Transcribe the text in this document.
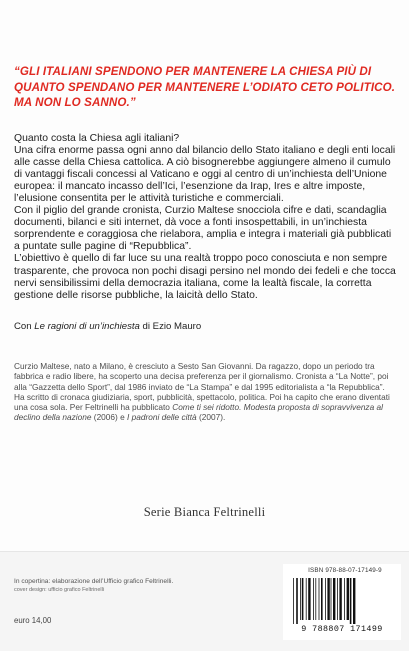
“GLI ITALIANI SPENDONO PER MANTENERE LA CHIESA PIÙ DI QUANTO SPENDANO PER MANTENERE L’ODIATO CETO POLITICO. MA NON LO SANNO.”

Quanto costa la Chiesa agli italiani?

Una cifra enorme passa ogni anno dal bilancio dello Stato italiano e degli enti locali alle casse della Chiesa cattolica. A ciò bisognerebbe aggiungere almeno il cumulo di vantaggi fiscali concessi al Vaticano e oggi al centro di un’inchiesta dell’Unione europea: il mancato incasso dell’Ici, l’esenzione da Irap, Ires e altre imposte, l’elusione consentita per le attività turistiche e commerciali.

Con il piglio del grande cronista, Curzio Maltese snocciola cifre e dati, scandaglia documenti, bilanci e siti internet, dà voce a fonti insospettabili, in un’inchiesta sorprendente e coraggiosa che rielabora, amplia e integra i materiali già pubblicati a puntate sulle pagine di “Repubblica”.

L’obiettivo è quello di far luce su una realtà troppo poco conosciuta e non sempre trasparente, che provoca non pochi disagi persino nel mondo dei fedeli e che tocca nervi sensibilissimi della democrazia italiana, come la lealtà fiscale, la corretta gestione delle risorse pubbliche, la laicità dello Stato.

Con Le ragioni di un’inchiesta di Ezio Mauro
Curzio Maltese, nato a Milano, è cresciuto a Sesto San Giovanni. Da ragazzo, dopo un periodo tra fabbrica e radio libere, ha scoperto una decisa preferenza per il giornalismo. Cronista a “La Notte”, poi alla “Gazzetta dello Sport”, dal 1986 inviato de “La Stampa” e dal 1995 editorialista a “la Repubblica”. Ha scritto di cronaca giudiziaria, sport, pubblicità, spettacolo, politica. Poi ha capito che erano diventati una cosa sola. Per Feltrinelli ha pubblicato Come ti sei ridotto. Modesta proposta di sopravvivenza al declino della nazione (2006) e I padroni delle città (2007).
Serie Bianca Feltrinelli
In copertina: elaborazione dell’Ufficio grafico Feltrinelli.
cover design: ufficio grafico Feltrinelli
euro 14,00
ISBN 978-88-07-17149-9
9 788807 171499
